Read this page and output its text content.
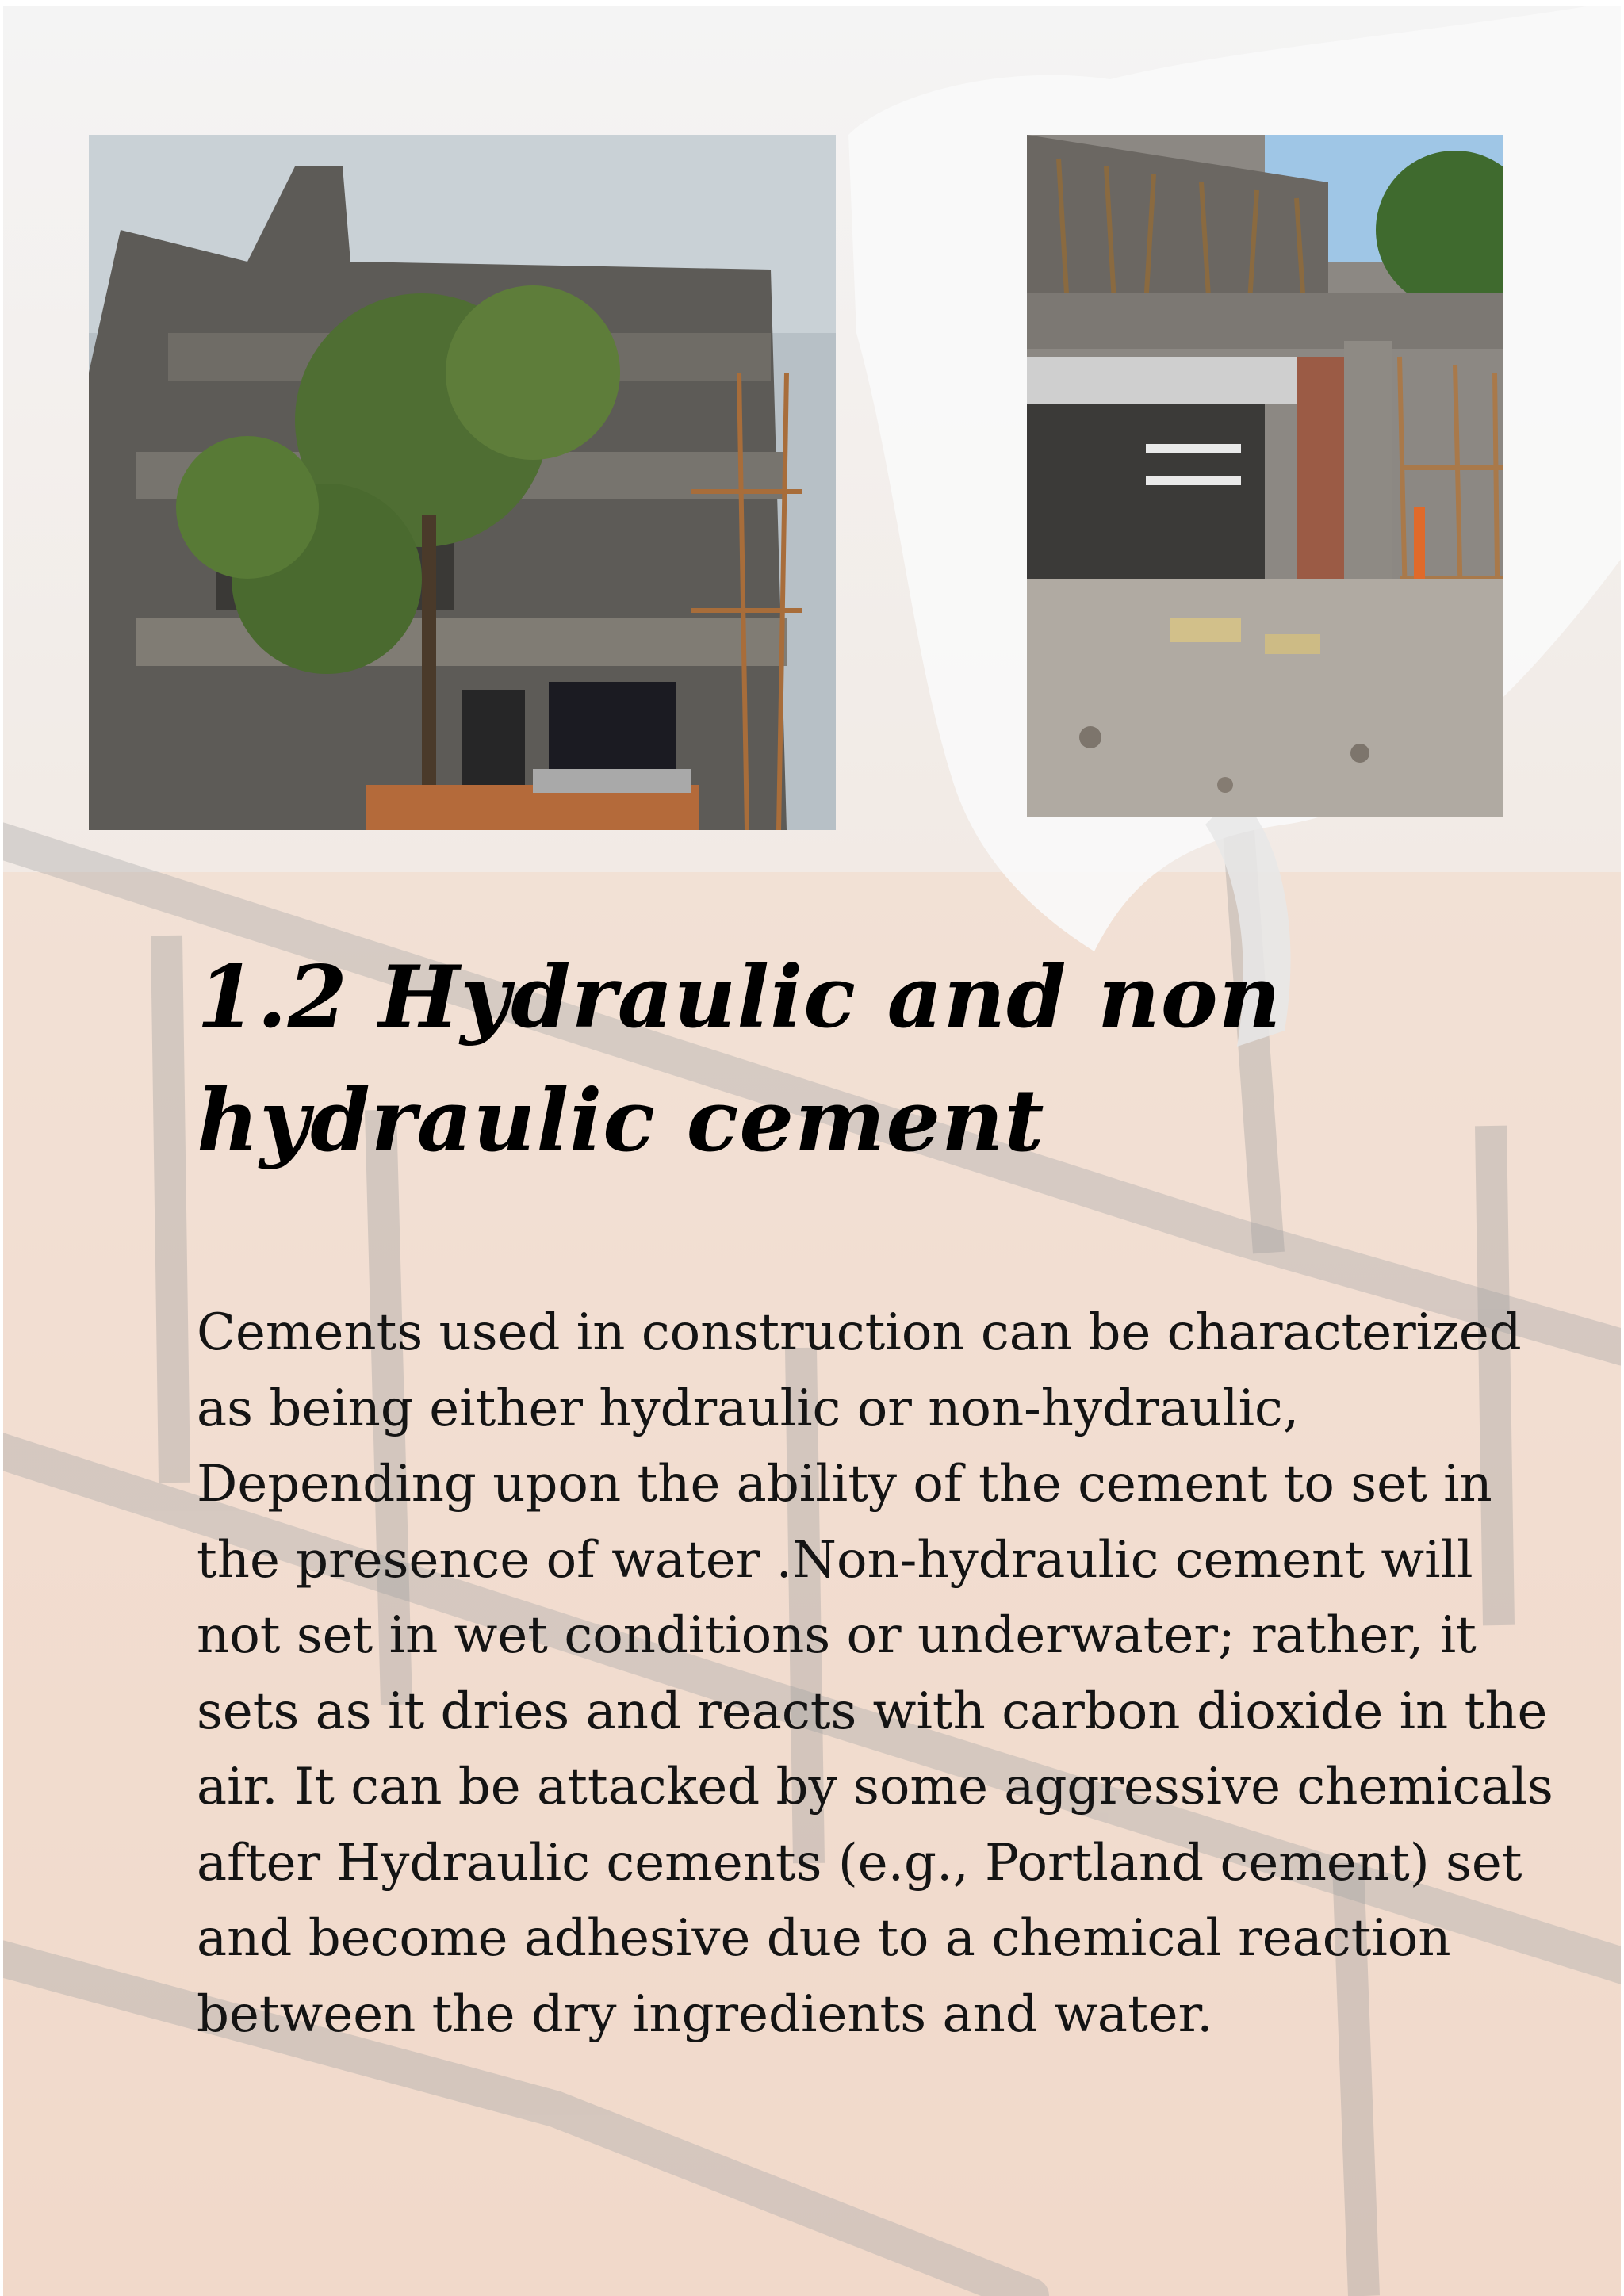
1.2 Hydraulic and non
hydraulic cement

Cements used in construction can be characterized
as being either hydraulic or non-hydraulic,
Depending upon the ability of the cement to set in
the presence of water .Non-hydraulic cement will
not set in wet conditions or underwater; rather, it
sets as it dries and reacts with carbon dioxide in the
air. It can be attacked by some aggressive chemicals
after Hydraulic cements (e.g., Portland cement) set
and become adhesive due to a chemical reaction
between the dry ingredients and water.
